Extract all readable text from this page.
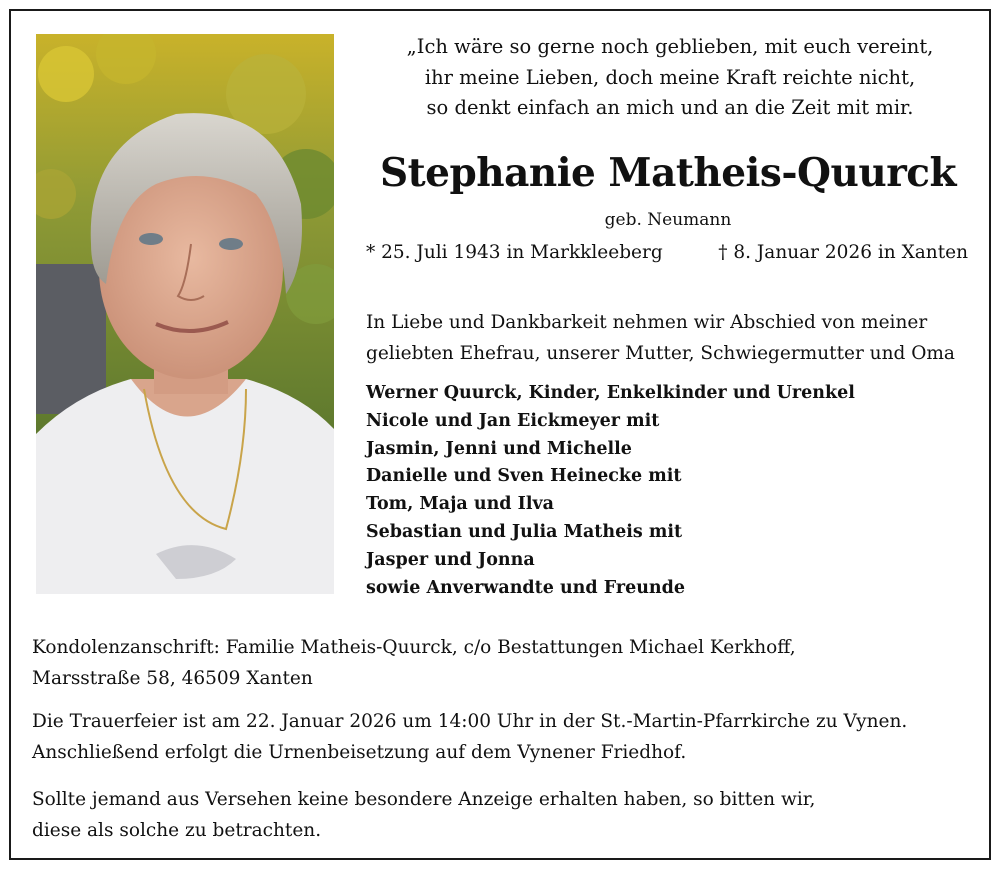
„Ich wäre so gerne noch geblieben, mit euch vereint,
ihr meine Lieben, doch meine Kraft reichte nicht,
so denkt einfach an mich und an die Zeit mit mir.
Stephanie Matheis-Quurck
geb. Neumann
* 25. Juli 1943 in Markkleeberg	† 8. Januar 2026 in Xanten
In Liebe und Dankbarkeit nehmen wir Abschied von meiner
geliebten Ehefrau, unserer Mutter, Schwiegermutter und Oma
Werner Quurck, Kinder, Enkelkinder und Urenkel
Nicole und Jan Eickmeyer mit
Jasmin, Jenni und Michelle
Danielle und Sven Heinecke mit
Tom, Maja und Ilva
Sebastian und Julia Matheis mit
Jasper und Jonna
sowie Anverwandte und Freunde
Kondolenzanschrift: Familie Matheis-Quurck, c/o Bestattungen Michael Kerkhoff,
Marsstraße 58, 46509 Xanten
Die Trauerfeier ist am 22. Januar 2026 um 14:00 Uhr in der St.-Martin-Pfarrkirche zu Vynen.
Anschließend erfolgt die Urnenbeisetzung auf dem Vynener Friedhof.
Sollte jemand aus Versehen keine besondere Anzeige erhalten haben, so bitten wir,
diese als solche zu betrachten.
